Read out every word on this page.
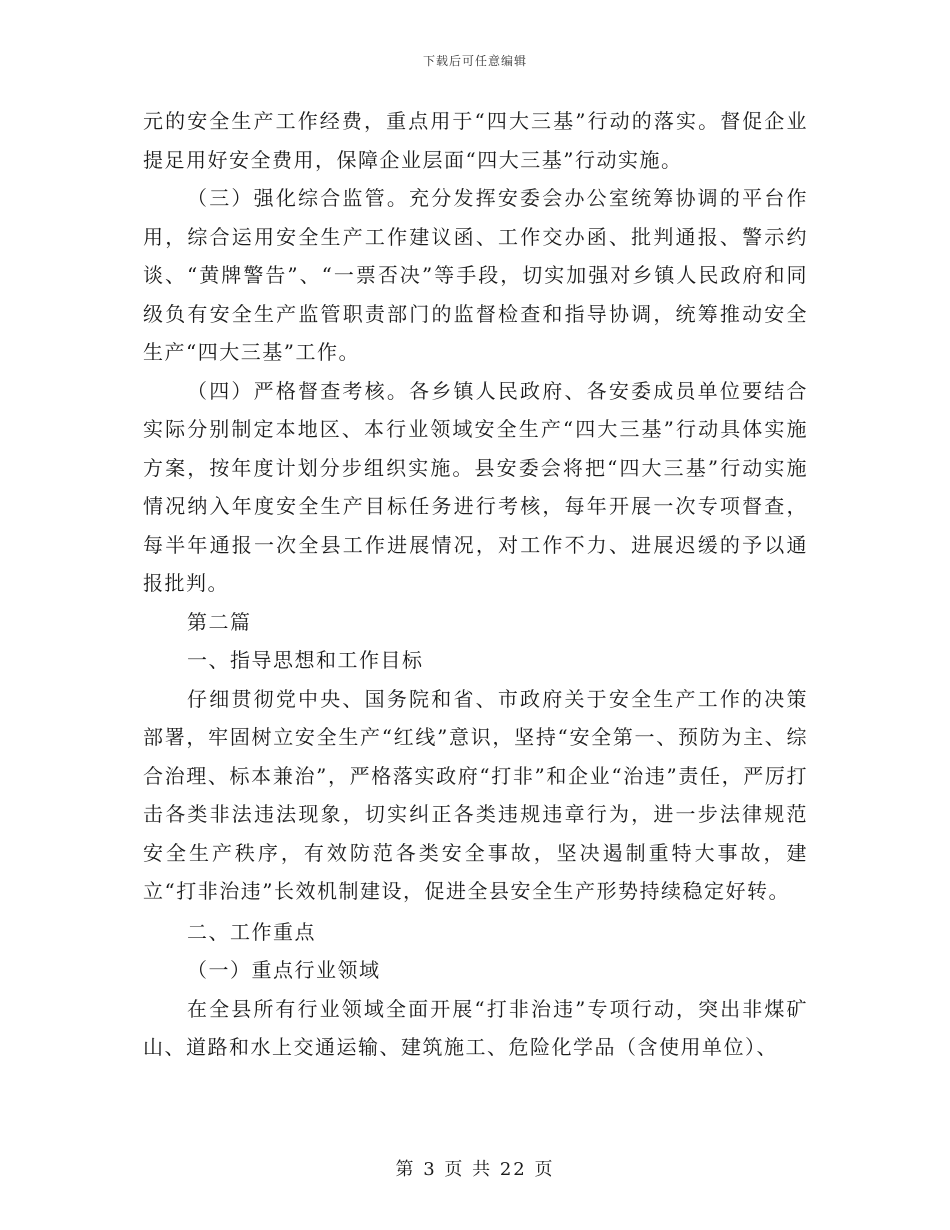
下载后可任意编辑

元的安全生产工作经费，重点用于“四大三基”行动的落实。督促企业提足用好安全费用，保障企业层面“四大三基”行动实施。

（三）强化综合监管。充分发挥安委会办公室统筹协调的平台作用，综合运用安全生产工作建议函、工作交办函、批判通报、警示约谈、“黄牌警告”、“一票否决”等手段，切实加强对乡镇人民政府和同级负有安全生产监管职责部门的监督检查和指导协调，统筹推动安全生产“四大三基”工作。

（四）严格督查考核。各乡镇人民政府、各安委成员单位要结合实际分别制定本地区、本行业领域安全生产“四大三基”行动具体实施方案，按年度计划分步组织实施。县安委会将把“四大三基”行动实施情况纳入年度安全生产目标任务进行考核，每年开展一次专项督查，每半年通报一次全县工作进展情况，对工作不力、进展迟缓的予以通报批判。

第二篇

一、指导思想和工作目标

仔细贯彻党中央、国务院和省、市政府关于安全生产工作的决策部署，牢固树立安全生产“红线”意识，坚持“安全第一、预防为主、综合治理、标本兼治”，严格落实政府“打非”和企业“治违”责任，严厉打击各类非法违法现象，切实纠正各类违规违章行为，进一步法律规范安全生产秩序，有效防范各类安全事故，坚决遏制重特大事故，建立“打非治违”长效机制建设，促进全县安全生产形势持续稳定好转。

二、工作重点

（一）重点行业领域

在全县所有行业领域全面开展“打非治违”专项行动，突出非煤矿山、道路和水上交通运输、建筑施工、危险化学品（含使用单位）、

第 3 页 共 22 页
